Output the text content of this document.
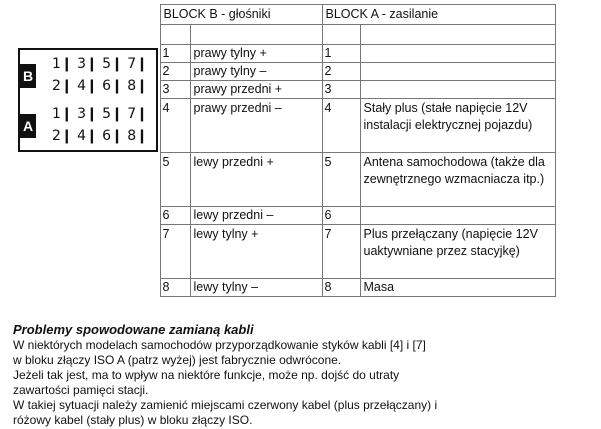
	BLOCK B - głośniki		BLOCK A - zasilanie	

	1	prawy tylny +	1	
	2	prawy tylny –	2	
	3	prawy przedni +	3	
	4	prawy przedni –	4	Stały plus (stałe napięcie 12V instalacji elektrycznej pojazdu)
	5	lewy przedni +	5	Antena samochodowa (także dla zewnętrznego wzmacniacza itp.)
	6	lewy przedni –	6	
	7	lewy tylny +	7	Plus przełączany (napięcie 12V uaktywniane przez stacyjkę)
	8	lewy tylny –	8	Masa
B
A
1❙ 3❙ 5❙ 7❙
2❙ 4❙ 6❙ 8❙
1❙ 3❙ 5❙ 7❙
2❙ 4❙ 6❙ 8❙
Problemy spowodowane zamianą kabli
W niektórych modelach samochodów przyporządkowanie styków kabli [4] i [7]
w bloku złączy ISO A (patrz wyżej) jest fabrycznie odwrócone.
Jeżeli tak jest, ma to wpływ na niektóre funkcje, może np. dojść do utraty
zawartości pamięci stacji.
W takiej sytuacji należy zamienić miejscami czerwony kabel (plus przełączany) i
różowy kabel (stały plus) w bloku złączy ISO.
